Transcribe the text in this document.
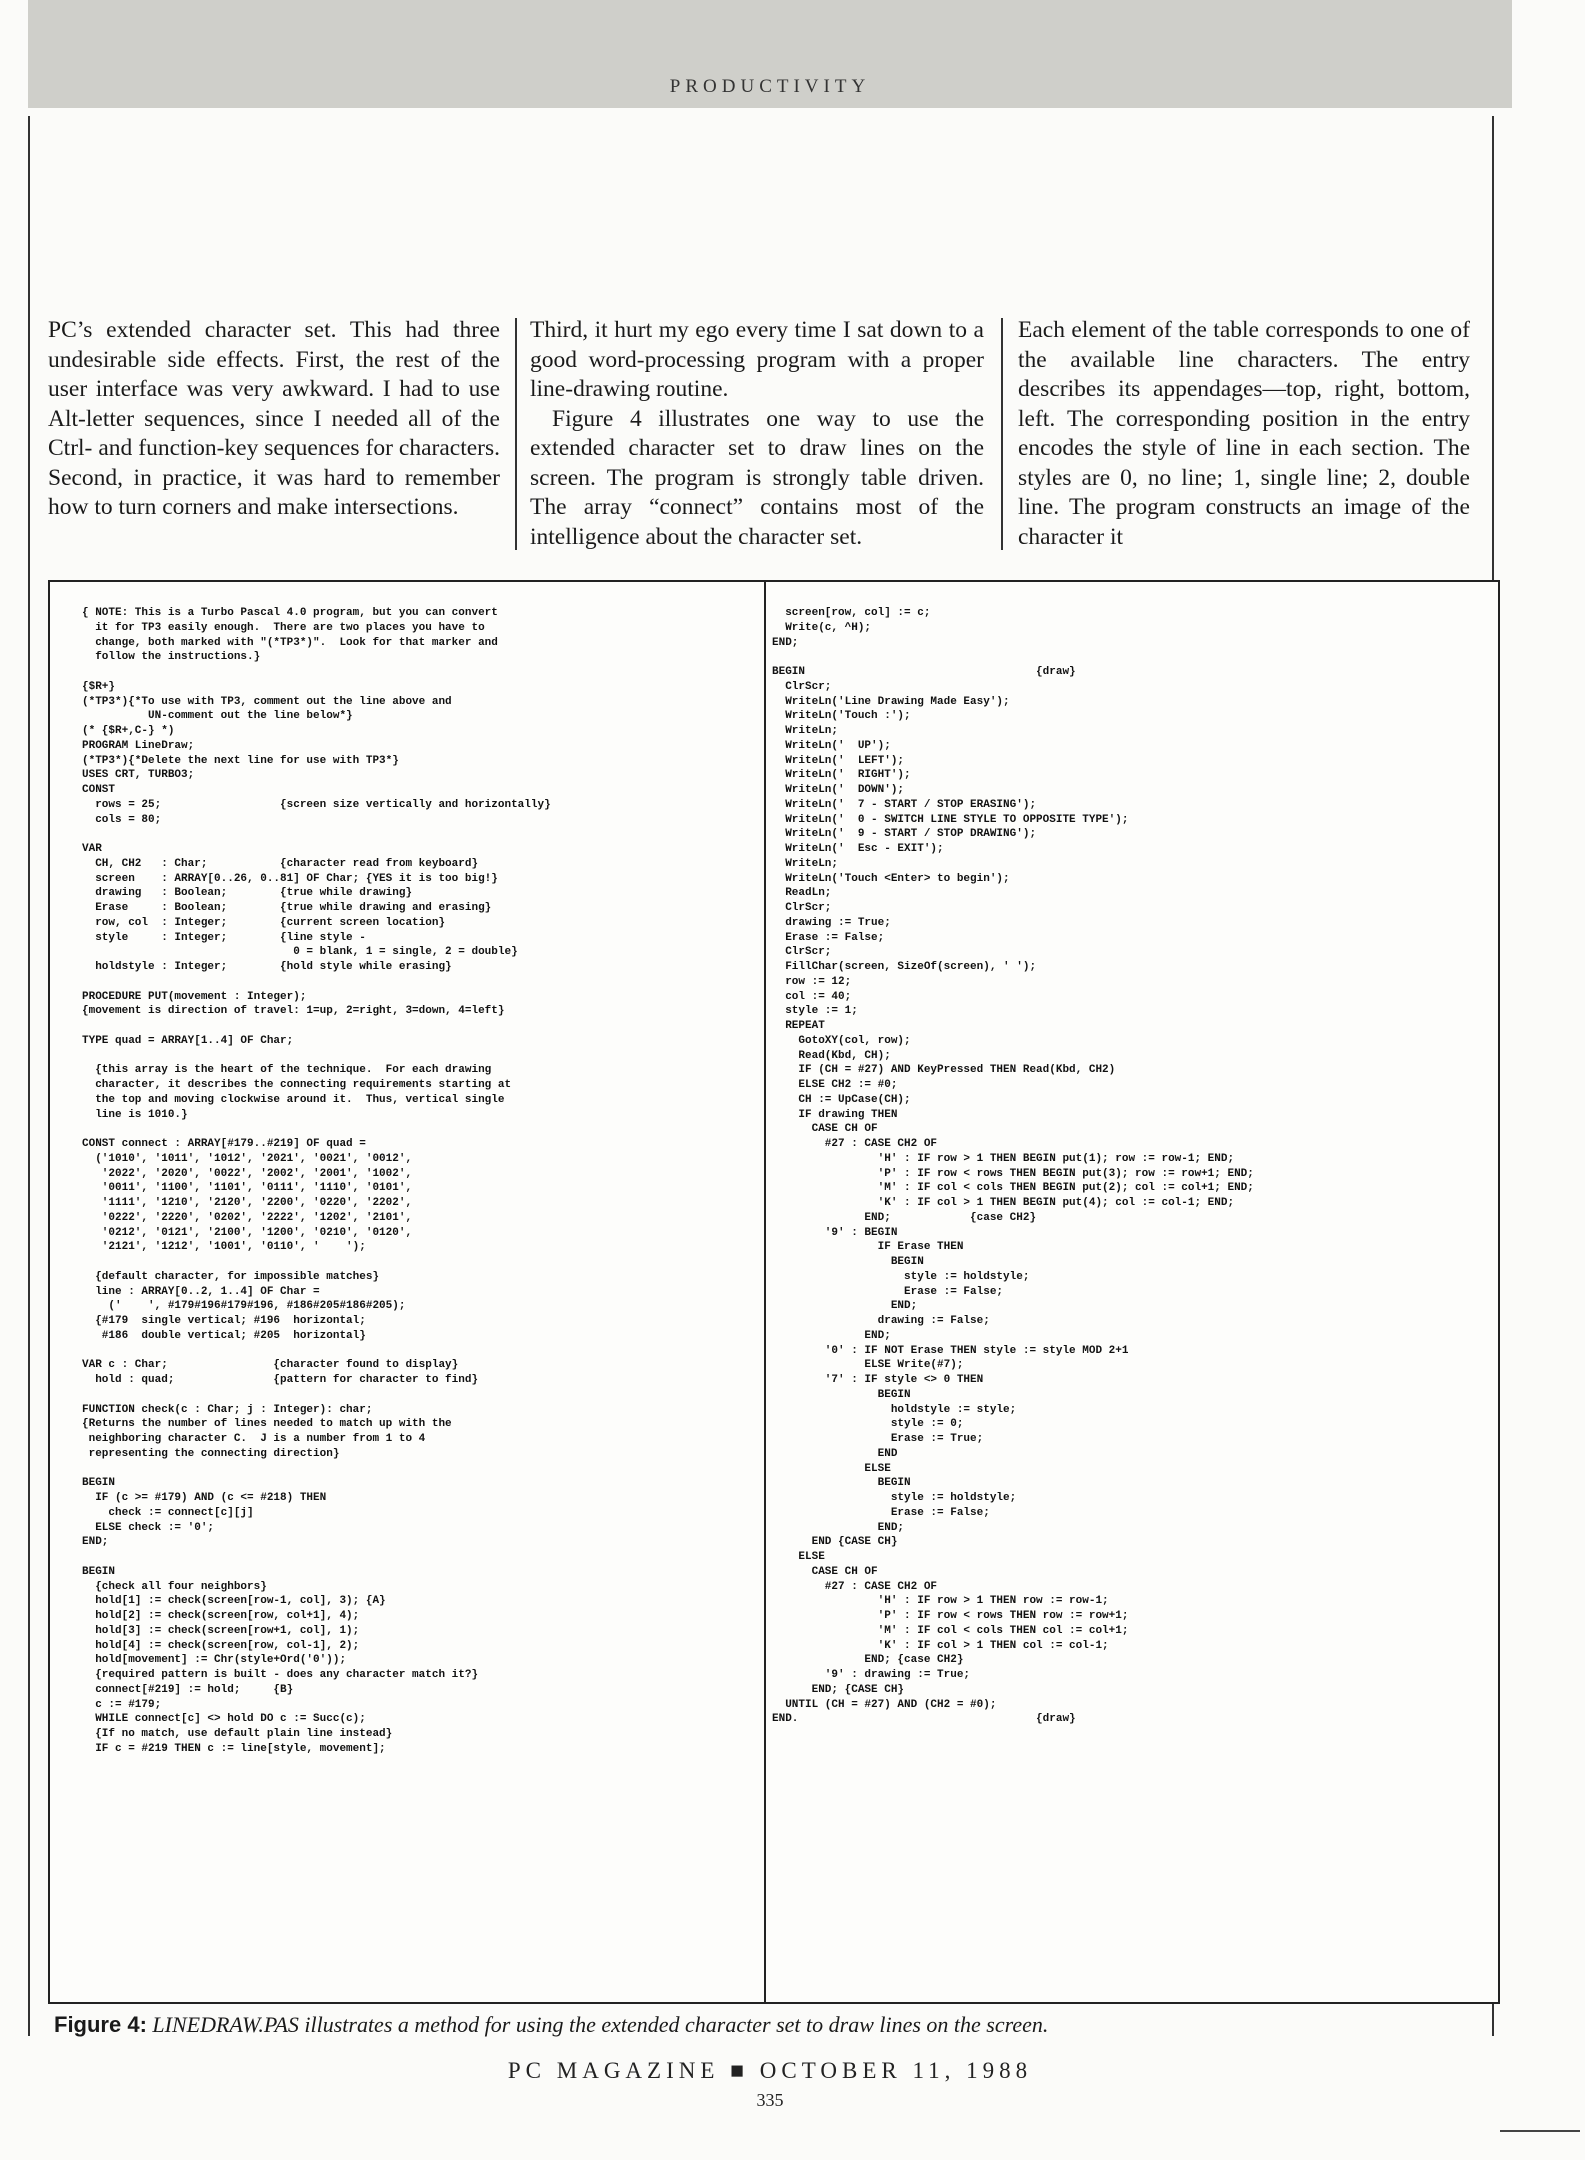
PRODUCTIVITY

PC’s extended character set. This had three undesirable side effects. First, the rest of the user interface was very awkward. I had to use Alt-letter sequences, since I needed all of the Ctrl- and function-key sequences for characters. Second, in practice, it was hard to remember how to turn corners and make intersections.

Third, it hurt my ego every time I sat down to a good word-processing program with a proper line-drawing routine.

Figure 4 illustrates one way to use the extended character set to draw lines on the screen. The program is strongly table driven. The array “connect” contains most of the intelligence about the character set.

Each element of the table corresponds to one of the available line characters. The entry describes its appendages—top, right, bottom, left. The corresponding position in the entry encodes the style of line in each section. The styles are 0, no line; 1, single line; 2, double line. The program constructs an image of the character it

{ NOTE: This is a Turbo Pascal 4.0 program, but you can convert
it for TP3 easily enough.  There are two places you have to
change, both marked with "(*TP3*)".  Look for that marker and
follow the instructions.}

{$R+}
(*TP3*){*To use with TP3, comment out the line above and
UN-comment out the line below*}
(* {$R+,C-} *)
PROGRAM LineDraw;
(*TP3*){*Delete the next line for use with TP3*}
USES CRT, TURBO3;
CONST
rows = 25;                  {screen size vertically and horizontally}
cols = 80;

VAR
CH, CH2   : Char;           {character read from keyboard}
screen    : ARRAY[0..26, 0..81] OF Char; {YES it is too big!}
drawing   : Boolean;        {true while drawing}
Erase     : Boolean;        {true while drawing and erasing}
row, col  : Integer;        {current screen location}
style     : Integer;        {line style -
0 = blank, 1 = single, 2 = double}
holdstyle : Integer;        {hold style while erasing}

PROCEDURE PUT(movement : Integer);
{movement is direction of travel: 1=up, 2=right, 3=down, 4=left}

TYPE quad = ARRAY[1..4] OF Char;

{this array is the heart of the technique.  For each drawing
character, it describes the connecting requirements starting at
the top and moving clockwise around it.  Thus, vertical single
line is 1010.}

CONST connect : ARRAY[#179..#219] OF quad =
('1010', '1011', '1012', '2021', '0021', '0012',
'2022', '2020', '0022', '2002', '2001', '1002',
'0011', '1100', '1101', '0111', '1110', '0101',
'1111', '1210', '2120', '2200', '0220', '2202',
'0222', '2220', '0202', '2222', '1202', '2101',
'0212', '0121', '2100', '1200', '0210', '0120',
'2121', '1212', '1001', '0110', '    ');

{default character, for impossible matches}
line : ARRAY[0..2, 1..4] OF Char =
('    ', #179#196#179#196, #186#205#186#205);
{#179  single vertical; #196  horizontal;
#186  double vertical; #205  horizontal}

VAR c : Char;                {character found to display}
hold : quad;               {pattern for character to find}

FUNCTION check(c : Char; j : Integer): char;
{Returns the number of lines needed to match up with the
neighboring character C.  J is a number from 1 to 4
representing the connecting direction}

BEGIN
IF (c >= #179) AND (c <= #218) THEN
check := connect[c][j]
ELSE check := '0';
END;

BEGIN
{check all four neighbors}
hold[1] := check(screen[row-1, col], 3); {A}
hold[2] := check(screen[row, col+1], 4);
hold[3] := check(screen[row+1, col], 1);
hold[4] := check(screen[row, col-1], 2);
hold[movement] := Chr(style+Ord('0'));
{required pattern is built - does any character match it?}
connect[#219] := hold;     {B}
c := #179;
WHILE connect[c] <> hold DO c := Succ(c);
{If no match, use default plain line instead}
IF c = #219 THEN c := line[style, movement];
screen[row, col] := c;
Write(c, ^H);
END;

BEGIN                                   {draw}
ClrScr;
WriteLn('Line Drawing Made Easy');
WriteLn('Touch :');
WriteLn;
WriteLn('  UP');
WriteLn('  LEFT');
WriteLn('  RIGHT');
WriteLn('  DOWN');
WriteLn('  7 - START / STOP ERASING');
WriteLn('  0 - SWITCH LINE STYLE TO OPPOSITE TYPE');
WriteLn('  9 - START / STOP DRAWING');
WriteLn('  Esc - EXIT');
WriteLn;
WriteLn('Touch <Enter> to begin');
ReadLn;
ClrScr;
drawing := True;
Erase := False;
ClrScr;
FillChar(screen, SizeOf(screen), ' ');
row := 12;
col := 40;
style := 1;
REPEAT
GotoXY(col, row);
Read(Kbd, CH);
IF (CH = #27) AND KeyPressed THEN Read(Kbd, CH2)
ELSE CH2 := #0;
CH := UpCase(CH);
IF drawing THEN
CASE CH OF
#27 : CASE CH2 OF
'H' : IF row > 1 THEN BEGIN put(1); row := row-1; END;
'P' : IF row < rows THEN BEGIN put(3); row := row+1; END;
'M' : IF col < cols THEN BEGIN put(2); col := col+1; END;
'K' : IF col > 1 THEN BEGIN put(4); col := col-1; END;
END;            {case CH2}
'9' : BEGIN
IF Erase THEN
BEGIN
style := holdstyle;
Erase := False;
END;
drawing := False;
END;
'0' : IF NOT Erase THEN style := style MOD 2+1
ELSE Write(#7);
'7' : IF style <> 0 THEN
BEGIN
holdstyle := style;
style := 0;
Erase := True;
END
ELSE
BEGIN
style := holdstyle;
Erase := False;
END;
END {CASE CH}
ELSE
CASE CH OF
#27 : CASE CH2 OF
'H' : IF row > 1 THEN row := row-1;
'P' : IF row < rows THEN row := row+1;
'M' : IF col < cols THEN col := col+1;
'K' : IF col > 1 THEN col := col-1;
END; {case CH2}
'9' : drawing := True;
END; {CASE CH}
UNTIL (CH = #27) AND (CH2 = #0);
END.                                    {draw}
Figure 4: LINEDRAW.PAS illustrates a method for using the extended character set to draw lines on the screen.
PC MAGAZINE ■ OCTOBER 11, 1988
335
